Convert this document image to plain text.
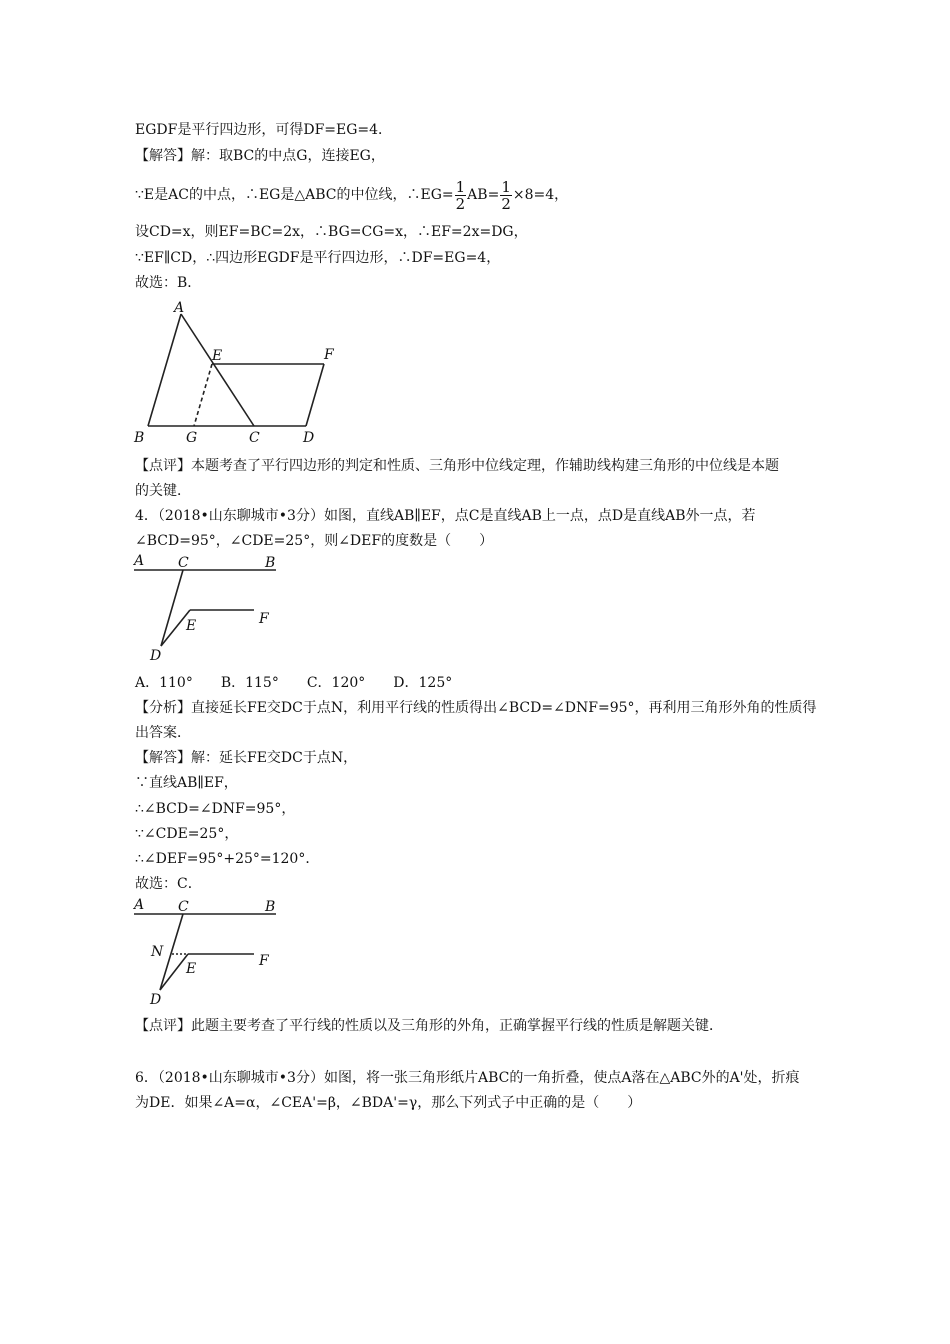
EGDF是平行四边形，可得DF=EG=4．
【解答】解：取BC的中点G，连接EG，
∵E是AC的中点，∴EG是△ABC的中位线，∴EG= $\frac{1}{2} AB= \frac{1}{2} \times 8=4$，
设CD=x，则EF=BC=2x，∴BG=CG=x，∴EF=2x=DG，
∵EF∥CD，∴四边形EGDF是平行四边形，∴DF=EG=4，
故选：B．
A
E	F
B	G	C	D
【点评】本题考查了平行四边形的判定和性质、三角形中位线定理，作辅助线构建三角形的中位线是本题
的关键．
4．（2018•山东聊城市•3分）如图，直线AB∥EF，点C是直线AB上一点，点D是直线AB外一点，若
∠BCD=95°，∠CDE=25°，则∠DEF的度数是（　　）
A C	B
F
E
D
A．110°　　B．115°　　C．120°　　D．125°
【分析】直接延长FE交DC于点N，利用平行线的性质得出∠BCD=∠DNF=95°，再利用三角形外角的性质得
出答案．
【解答】解：延长FE交DC于点N，
∵直线AB∥EF，
∴∠BCD=∠DNF=95°，
∵∠CDE=25°，
∴∠DEF=95°+25°=120°．
故选：C．
A C	B
N
E	F
D
【点评】此题主要考查了平行线的性质以及三角形的外角，正确掌握平行线的性质是解题关键．
6．（2018•山东聊城市•3分）如图，将一张三角形纸片ABC的一角折叠，使点A落在△ABC外的A'处，折痕
为DE．如果∠A=α，∠CEA'=β，∠BDA'=γ，那么下列式子中正确的是（　　）
